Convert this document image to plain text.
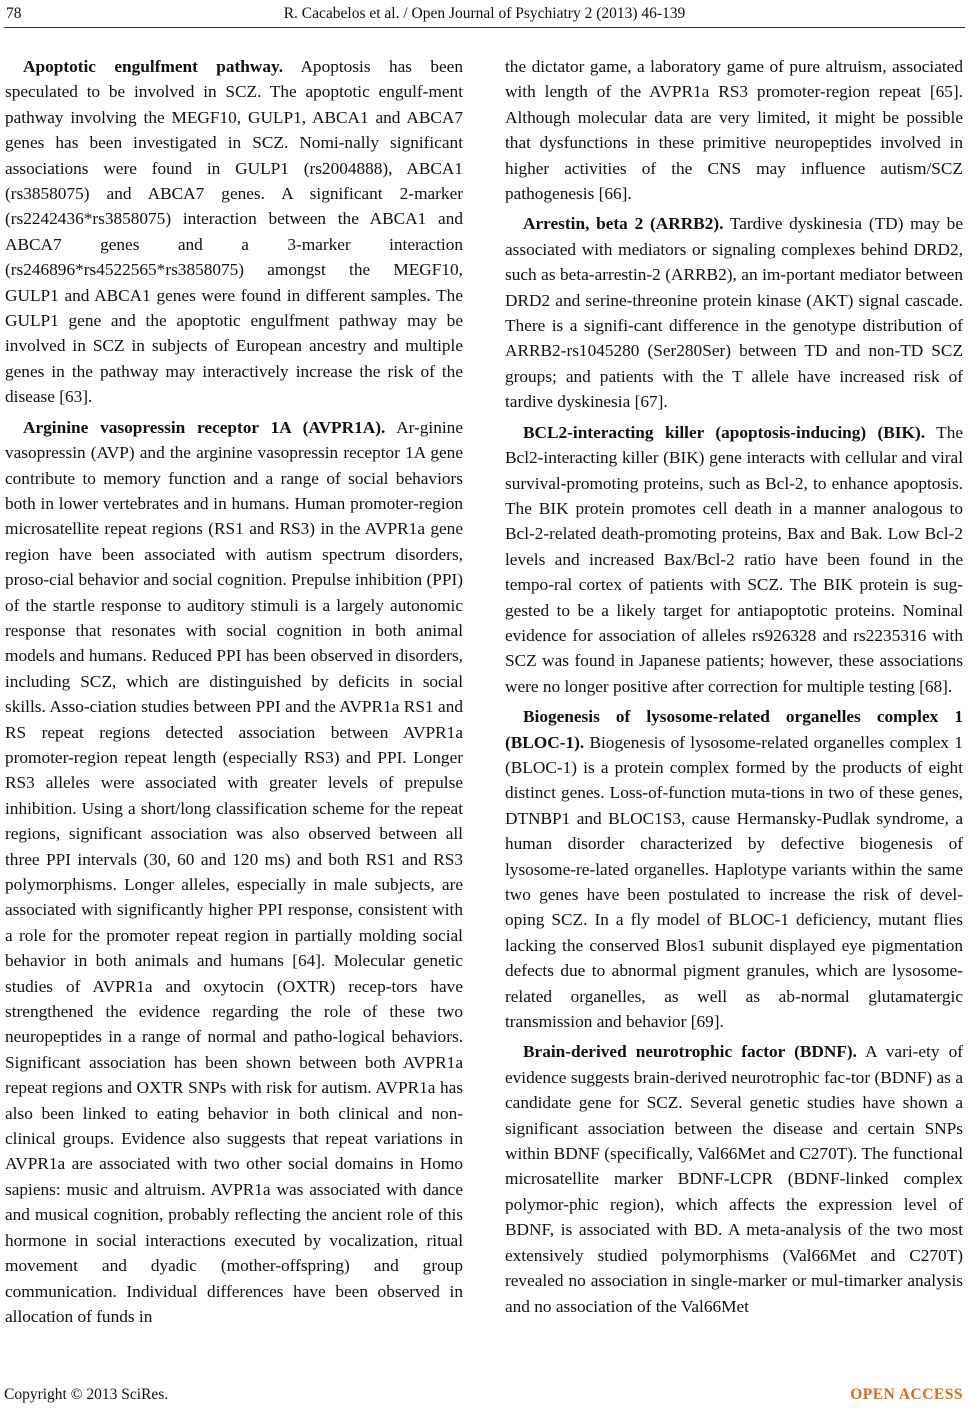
78	R. Cacabelos et al. / Open Journal of Psychiatry 2 (2013) 46-139

Apoptotic engulfment pathway. Apoptosis has been speculated to be involved in SCZ. The apoptotic engulf-ment pathway involving the MEGF10, GULP1, ABCA1 and ABCA7 genes has been investigated in SCZ. Nomi-nally significant associations were found in GULP1 (rs2004888), ABCA1 (rs3858075) and ABCA7 genes. A significant 2-marker (rs2242436*rs3858075) interaction between the ABCA1 and ABCA7 genes and a 3-marker interaction (rs246896*rs4522565*rs3858075) amongst the MEGF10, GULP1 and ABCA1 genes were found in different samples. The GULP1 gene and the apoptotic engulfment pathway may be involved in SCZ in subjects of European ancestry and multiple genes in the pathway may interactively increase the risk of the disease [63].

Arginine vasopressin receptor 1A (AVPR1A). Ar-ginine vasopressin (AVP) and the arginine vasopressin receptor 1A gene contribute to memory function and a range of social behaviors both in lower vertebrates and in humans. Human promoter-region microsatellite repeat regions (RS1 and RS3) in the AVPR1a gene region have been associated with autism spectrum disorders, proso-cial behavior and social cognition. Prepulse inhibition (PPI) of the startle response to auditory stimuli is a largely autonomic response that resonates with social cognition in both animal models and humans. Reduced PPI has been observed in disorders, including SCZ, which are distinguished by deficits in social skills. Asso-ciation studies between PPI and the AVPR1a RS1 and RS repeat regions detected association between AVPR1a promoter-region repeat length (especially RS3) and PPI. Longer RS3 alleles were associated with greater levels of prepulse inhibition. Using a short/long classification scheme for the repeat regions, significant association was also observed between all three PPI intervals (30, 60 and 120 ms) and both RS1 and RS3 polymorphisms. Longer alleles, especially in male subjects, are associated with significantly higher PPI response, consistent with a role for the promoter repeat region in partially molding social behavior in both animals and humans [64]. Molecular genetic studies of AVPR1a and oxytocin (OXTR) recep-tors have strengthened the evidence regarding the role of these two neuropeptides in a range of normal and patho-logical behaviors. Significant association has been shown between both AVPR1a repeat regions and OXTR SNPs with risk for autism. AVPR1a has also been linked to eating behavior in both clinical and non-clinical groups. Evidence also suggests that repeat variations in AVPR1a are associated with two other social domains in Homo sapiens: music and altruism. AVPR1a was associated with dance and musical cognition, probably reflecting the ancient role of this hormone in social interactions executed by vocalization, ritual movement and dyadic (mother-offspring) and group communication. Individual differences have been observed in allocation of funds in

the dictator game, a laboratory game of pure altruism, associated with length of the AVPR1a RS3 promoter-region repeat [65]. Although molecular data are very limited, it might be possible that dysfunctions in these primitive neuropeptides involved in higher activities of the CNS may influence autism/SCZ pathogenesis [66].

Arrestin, beta 2 (ARRB2). Tardive dyskinesia (TD) may be associated with mediators or signaling complexes behind DRD2, such as beta-arrestin-2 (ARRB2), an im-portant mediator between DRD2 and serine-threonine protein kinase (AKT) signal cascade. There is a signifi-cant difference in the genotype distribution of ARRB2-rs1045280 (Ser280Ser) between TD and non-TD SCZ groups; and patients with the T allele have increased risk of tardive dyskinesia [67].

BCL2-interacting killer (apoptosis-inducing) (BIK). The Bcl2-interacting killer (BIK) gene interacts with cellular and viral survival-promoting proteins, such as Bcl-2, to enhance apoptosis. The BIK protein promotes cell death in a manner analogous to Bcl-2-related death-promoting proteins, Bax and Bak. Low Bcl-2 levels and increased Bax/Bcl-2 ratio have been found in the tempo-ral cortex of patients with SCZ. The BIK protein is sug-gested to be a likely target for antiapoptotic proteins. Nominal evidence for association of alleles rs926328 and rs2235316 with SCZ was found in Japanese patients; however, these associations were no longer positive after correction for multiple testing [68].

Biogenesis of lysosome-related organelles complex 1 (BLOC-1). Biogenesis of lysosome-related organelles complex 1 (BLOC-1) is a protein complex formed by the products of eight distinct genes. Loss-of-function muta-tions in two of these genes, DTNBP1 and BLOC1S3, cause Hermansky-Pudlak syndrome, a human disorder characterized by defective biogenesis of lysosome-re-lated organelles. Haplotype variants within the same two genes have been postulated to increase the risk of devel-oping SCZ. In a fly model of BLOC-1 deficiency, mutant flies lacking the conserved Blos1 subunit displayed eye pigmentation defects due to abnormal pigment granules, which are lysosome-related organelles, as well as ab-normal glutamatergic transmission and behavior [69].

Brain-derived neurotrophic factor (BDNF). A vari-ety of evidence suggests brain-derived neurotrophic fac-tor (BDNF) as a candidate gene for SCZ. Several genetic studies have shown a significant association between the disease and certain SNPs within BDNF (specifically, Val66Met and C270T). The functional microsatellite marker BDNF-LCPR (BDNF-linked complex polymor-phic region), which affects the expression level of BDNF, is associated with BD. A meta-analysis of the two most extensively studied polymorphisms (Val66Met and C270T) revealed no association in single-marker or mul-timarker analysis and no association of the Val66Met

Copyright © 2013 SciRes.	OPEN ACCESS
